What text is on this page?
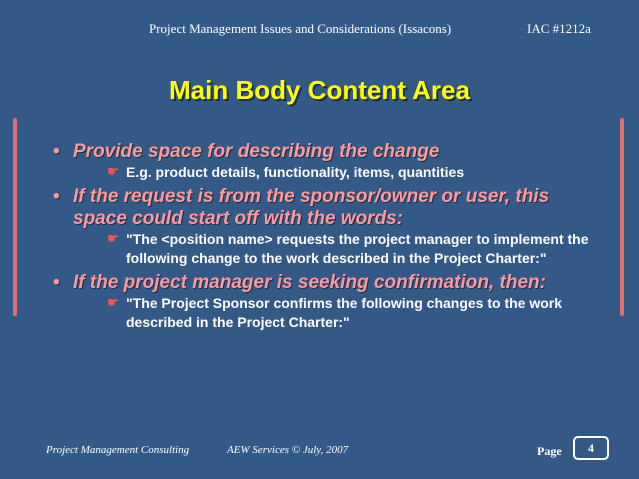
Project Management Issues and Considerations (Issacons)	IAC #1212a
Main Body Content Area
• Provide space for describing the change
☛ E.g. product details, functionality, items, quantities
• If the request is from the sponsor/owner or user, this space could start off with the words:
☛ "The <position name> requests the project manager to implement the following change to the work described in the Project Charter:"
• If the project manager is seeking confirmation, then:
☛ "The Project Sponsor confirms the following changes to the work described in the Project Charter:"
Project Management Consulting	AEW Services © July, 2007	Page	4
